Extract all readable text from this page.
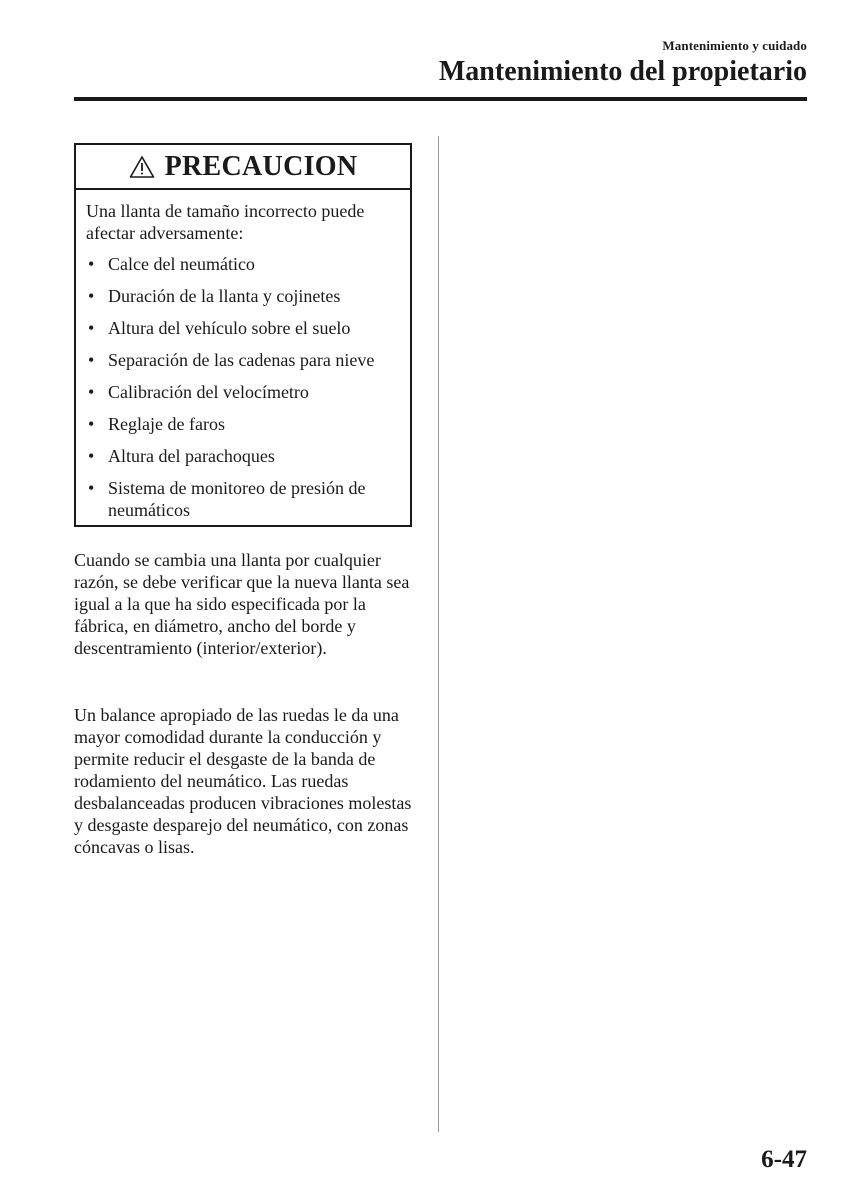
Mantenimiento y cuidado
Mantenimiento del propietario
PRECAUCION

Una llanta de tamaño incorrecto puede afectar adversamente:

• Calce del neumático
• Duración de la llanta y cojinetes
• Altura del vehículo sobre el suelo
• Separación de las cadenas para nieve
• Calibración del velocímetro
• Reglaje de faros
• Altura del parachoques
• Sistema de monitoreo de presión de neumáticos

Cuando se cambia una llanta por cualquier razón, se debe verificar que la nueva llanta sea igual a la que ha sido especificada por la fábrica, en diámetro, ancho del borde y descentramiento (interior/exterior).

Un balance apropiado de las ruedas le da una mayor comodidad durante la conducción y permite reducir el desgaste de la banda de rodamiento del neumático. Las ruedas desbalanceadas producen vibraciones molestas y desgaste desparejo del neumático, con zonas cóncavas o lisas.

6-47
